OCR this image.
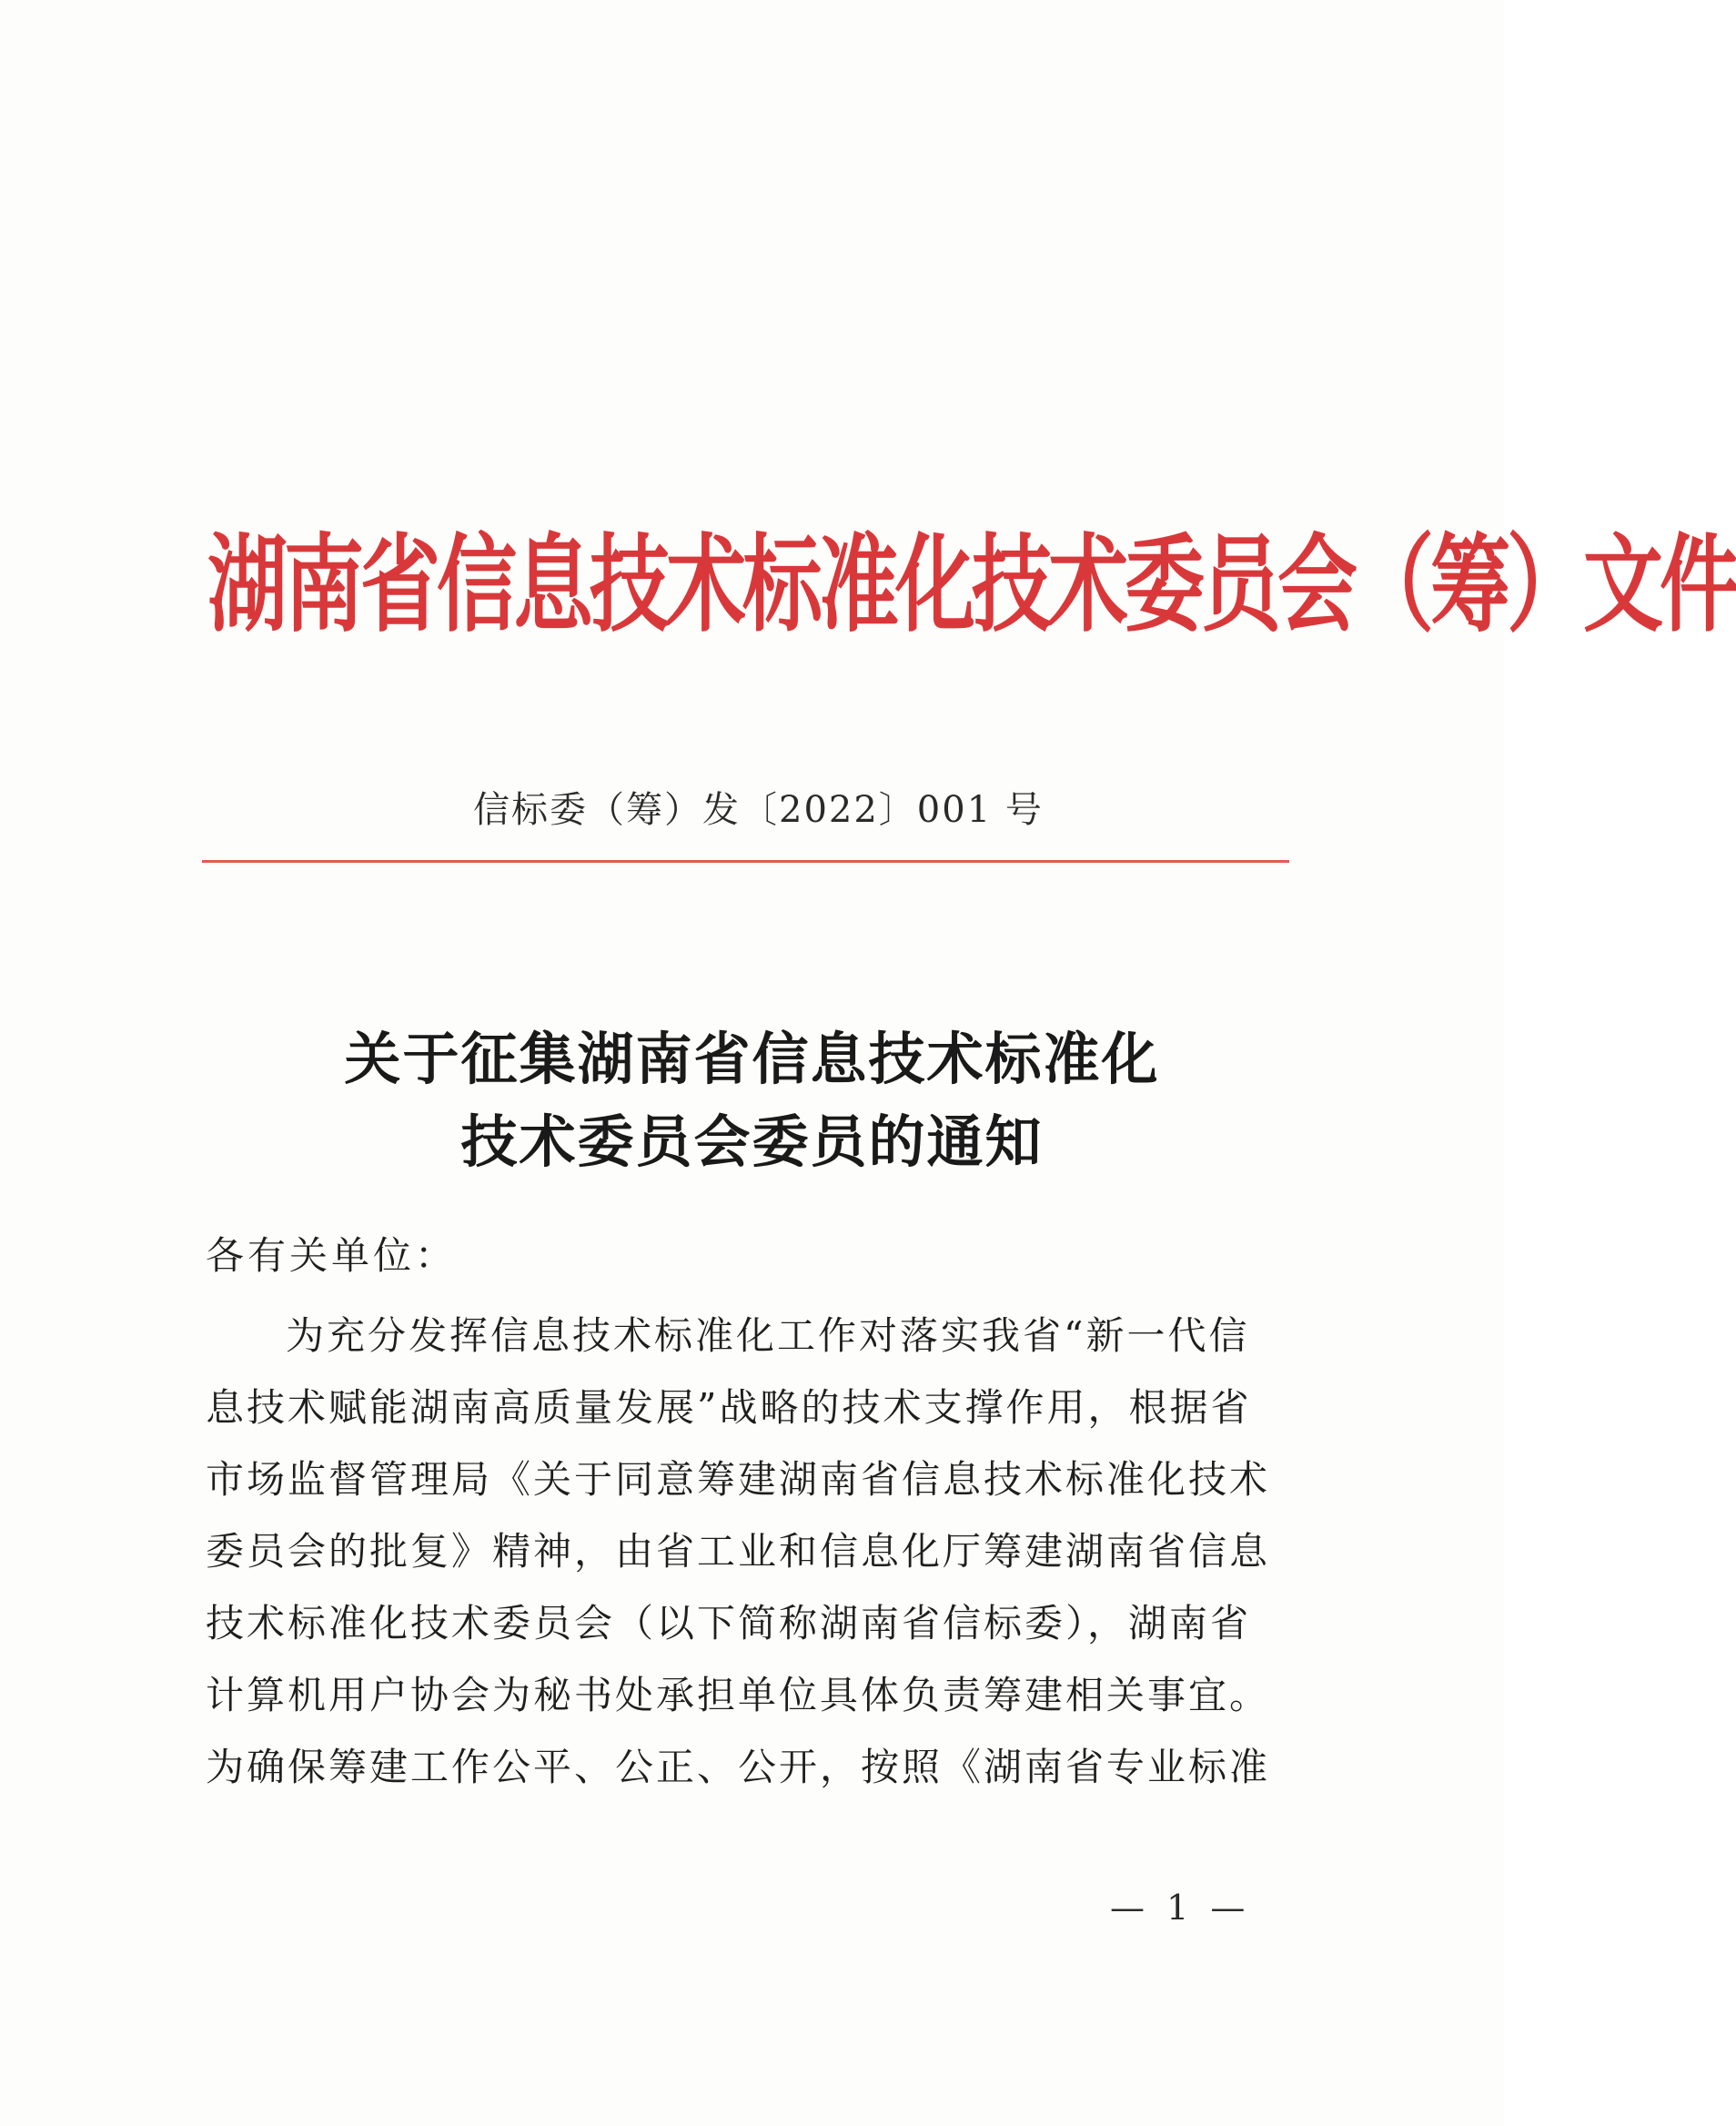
湖南省信息技术标准化技术委员会（筹）文件
信标委（筹）发〔2022〕001 号
关于征集湖南省信息技术标准化
技术委员会委员的通知
各有关单位：
为充分发挥信息技术标准化工作对落实我省“新一代信
息技术赋能湖南高质量发展”战略的技术支撑作用，根据省
市场监督管理局《关于同意筹建湖南省信息技术标准化技术
委员会的批复》精神，由省工业和信息化厅筹建湖南省信息
技术标准化技术委员会（以下简称湖南省信标委），湖南省
计算机用户协会为秘书处承担单位具体负责筹建相关事宜。
为确保筹建工作公平、公正、公开，按照《湖南省专业标准
— 1 —
